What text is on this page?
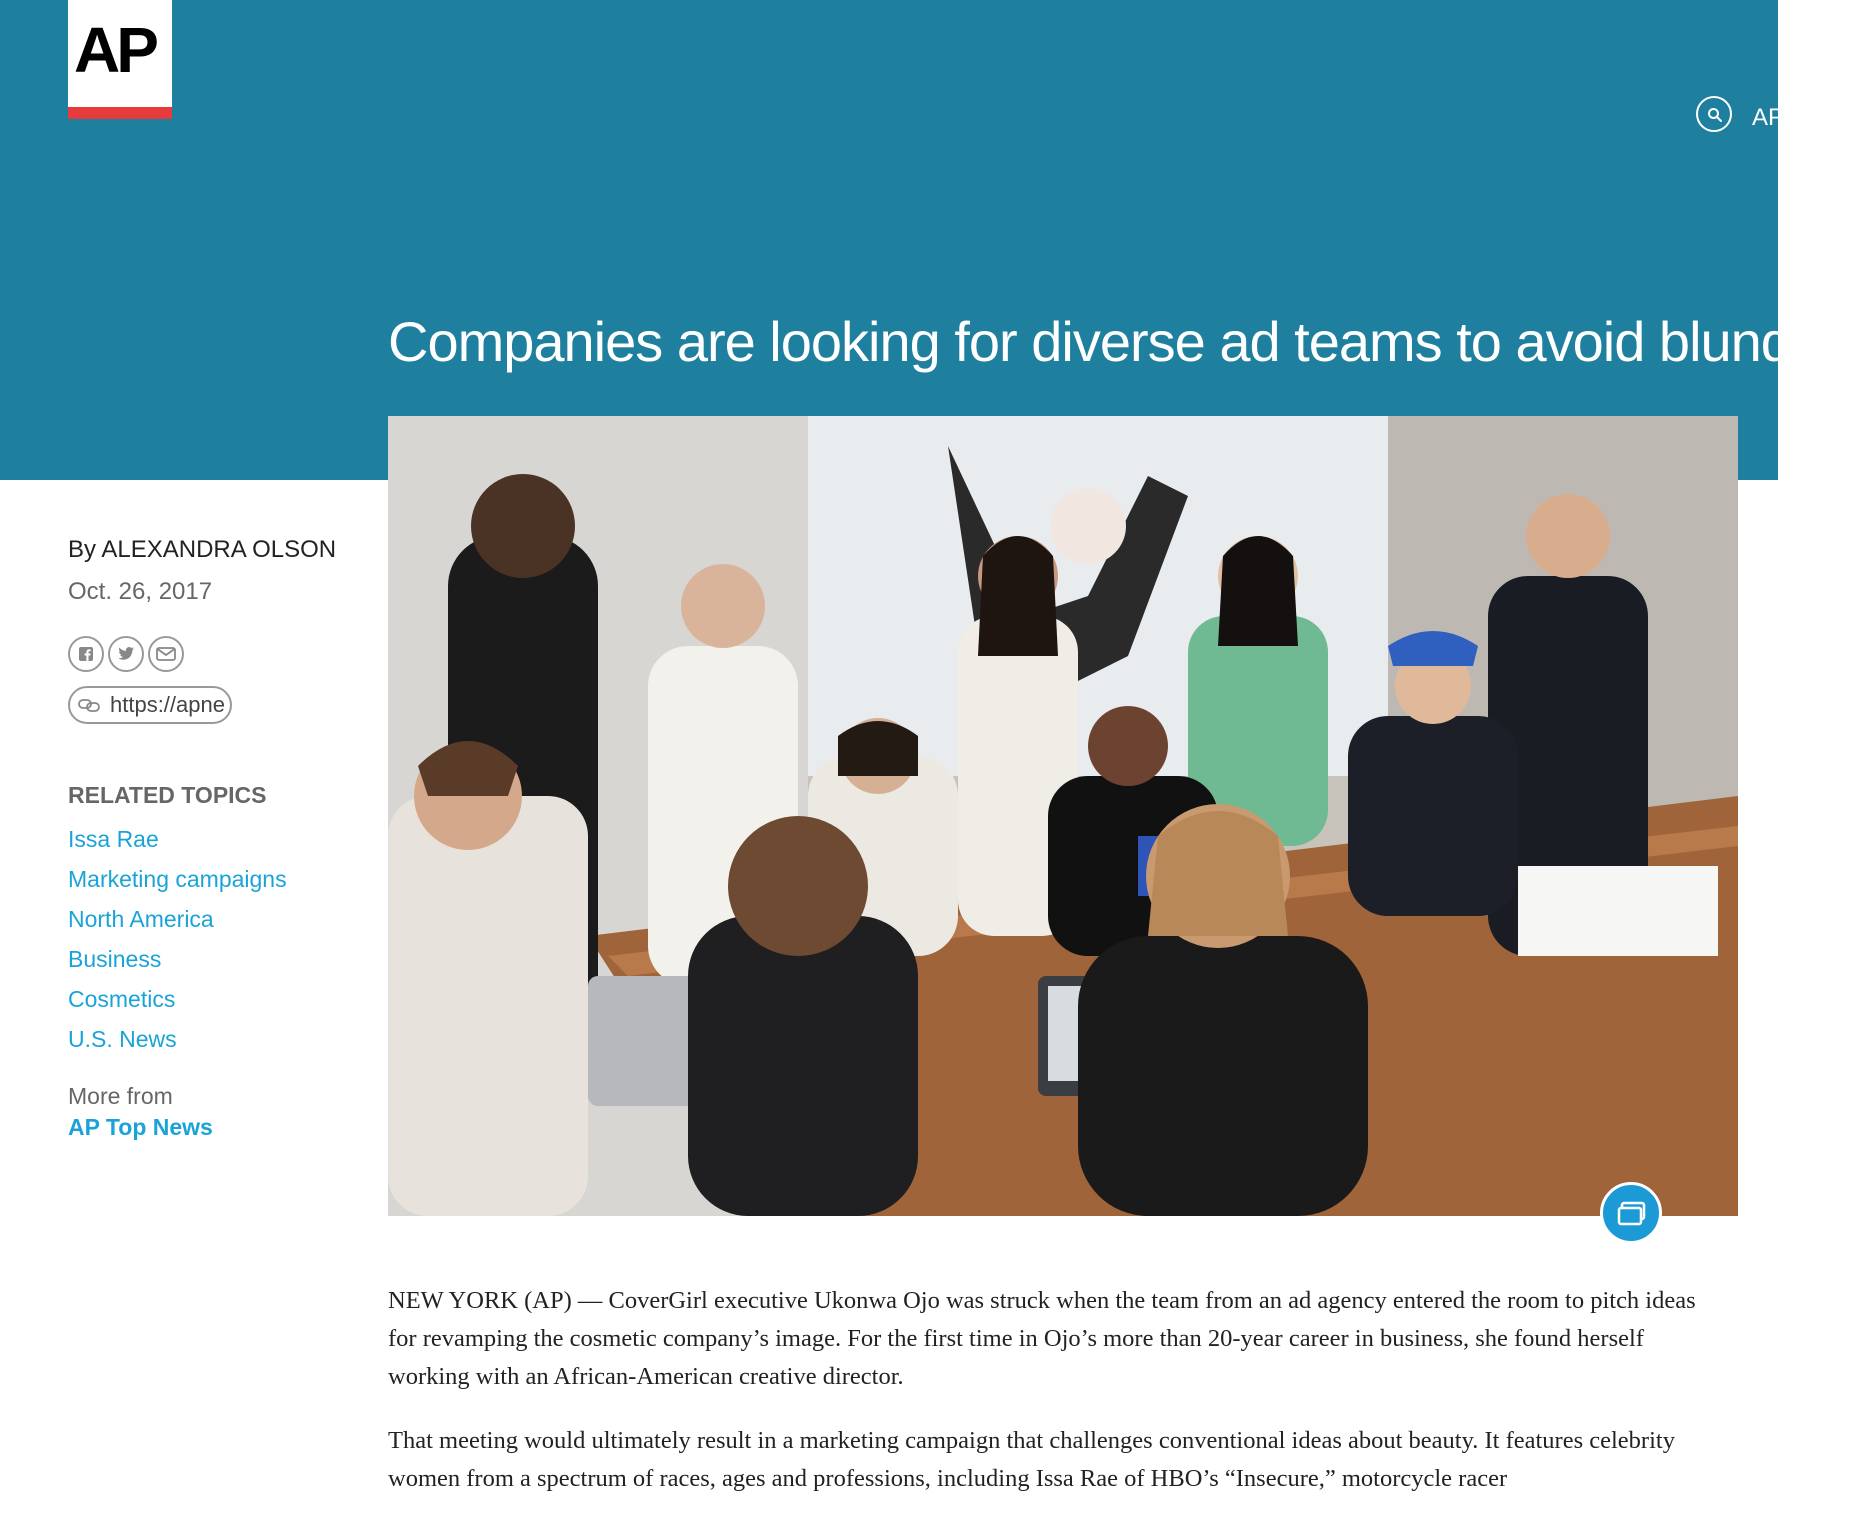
AP
AP
Companies are looking for diverse ad teams to avoid blunders
By ALEXANDRA OLSON
Oct. 26, 2017
https://apne
RELATED TOPICS
Issa Rae
Marketing campaigns
North America
Business
Cosmetics
U.S. News
More from
AP Top News

NEW YORK (AP) — CoverGirl executive Ukonwa Ojo was struck when the team from an ad agency entered the room to pitch ideas for revamping the cosmetic company’s image. For the first time in Ojo’s more than 20-year career in business, she found herself working with an African-American creative director.

That meeting would ultimately result in a marketing campaign that challenges conventional ideas about beauty. It features celebrity women from a spectrum of races, ages and professions, including Issa Rae of HBO’s “Insecure,” motorcycle racer
